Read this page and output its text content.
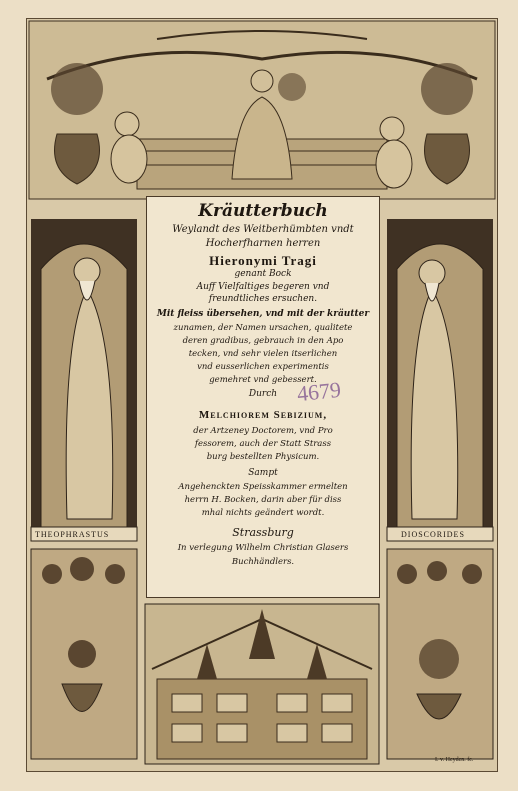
THEOPHRASTUS	DIOSCORIDES
I. v. Heyden. fe.
Kräutterbuch
Weylandt des Weitberhümbten vndt
Hocherfharnen herren
Hieronymi Tragi
genant Bock
Auff Vielfaltiges begeren vnd
freundtliches ersuchen.
Mit fleiss übersehen, vnd mit der kräutter
zunamen, der Namen ursachen, qualitete
deren gradibus, gebrauch in den Apo
tecken, vnd sehr vielen itserlichen
vnd eusserlichen experimentis
gemehret vnd gebessert.
Durch
Melchiorem Sebizium,
der Artzeney Doctorem, vnd Pro
fessorem, auch der Statt Strass
burg bestellten Physicum.
Sampt
Angehenckten Speisskammer ermelten
herrn H. Bocken, darin aber für diss
mhal nichts geändert wordt.
Strassburg
In verlegung Wilhelm Christian Glasers
Buchhändlers.
4679
